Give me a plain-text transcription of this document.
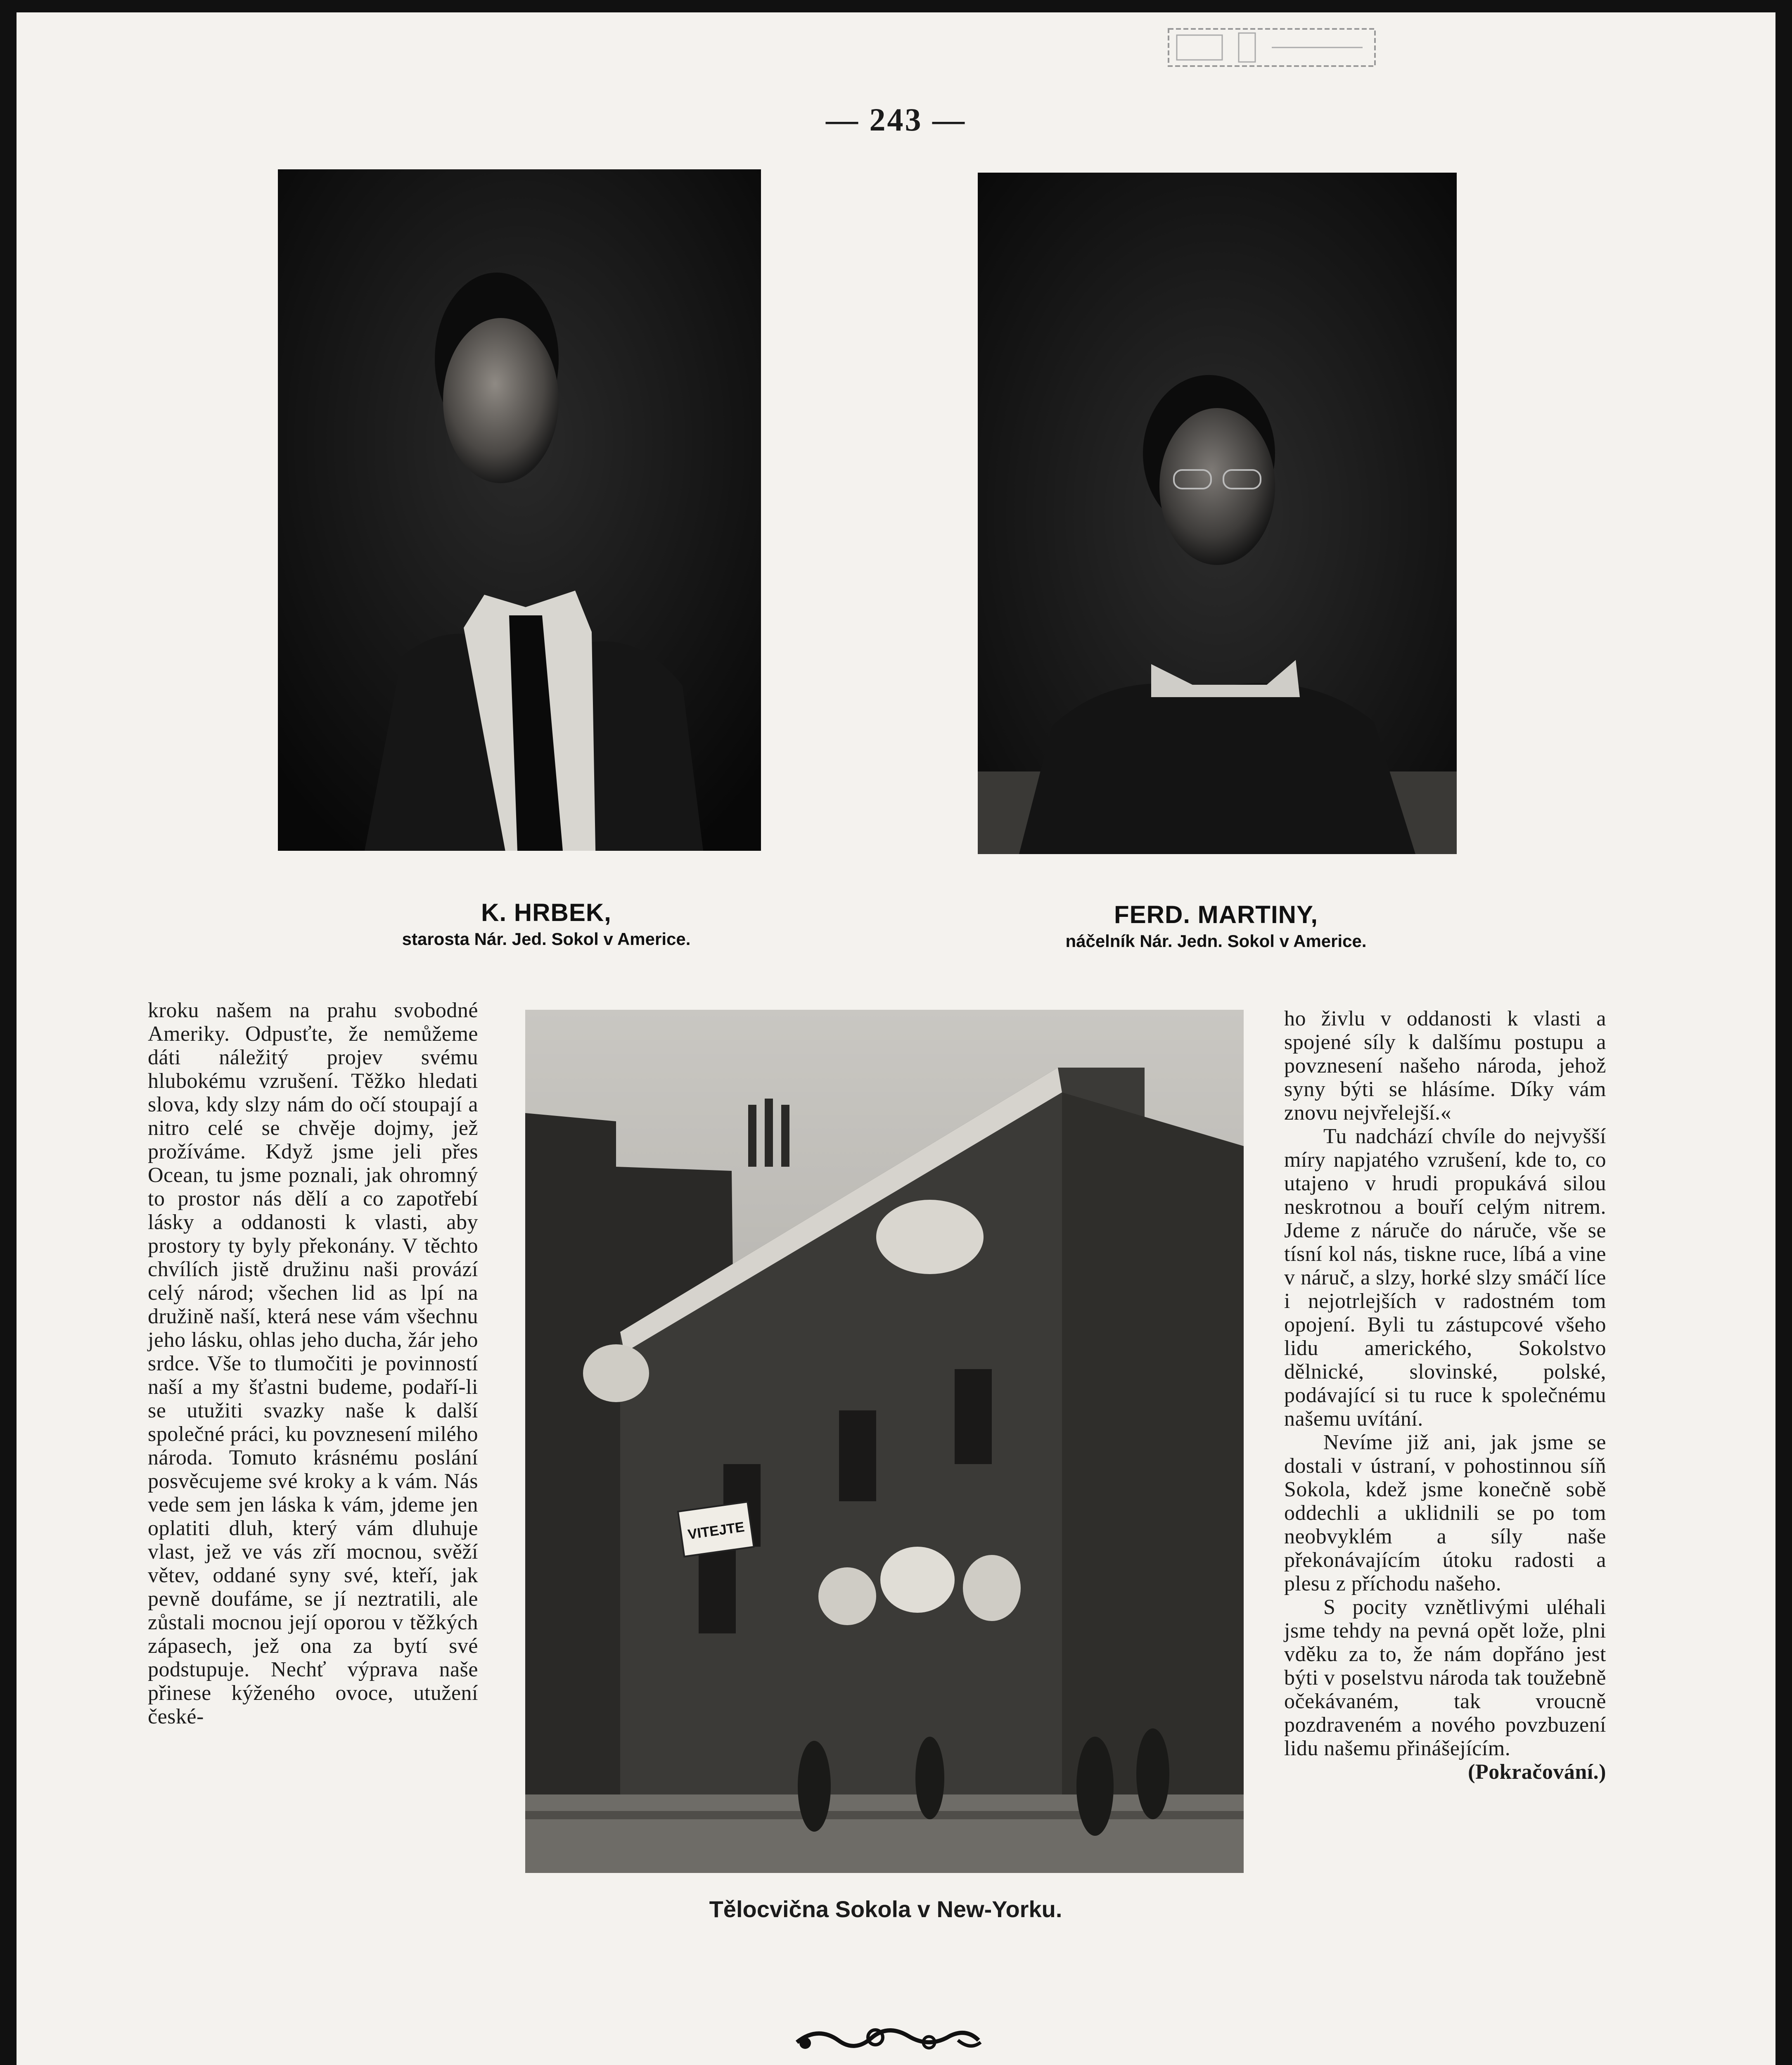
— 243 —
K. HRBEK,
starosta Nár. Jed. Sokol v Americe.
FERD. MARTINY,
náčelník Nár. Jedn. Sokol v Americe.

kroku našem na prahu svobodné Ameriky. Odpusťte, že nemůžeme dáti náležitý projev svému hlubokému vzrušení. Těžko hledati slova, kdy slzy nám do očí stoupají a nitro celé se chvěje dojmy, jež prožíváme. Když jsme jeli přes Ocean, tu jsme poznali, jak ohromný to prostor nás dělí a co zapotřebí lásky a oddanosti k vlasti, aby prostory ty byly překonány. V těchto chvílích jistě družinu naši provází celý národ; všechen lid as lpí na družině naší, která nese vám všechnu jeho lásku, ohlas jeho ducha, žár jeho srdce. Vše to tlumočiti je povinností naší a my šťastni budeme, podaří-li se utužiti svazky naše k další společné práci, ku povznesení milého národa. Tomuto krásnému poslání posvěcujeme své kroky a k vám. Nás vede sem jen láska k vám, jdeme jen oplatiti dluh, který vám dluhuje vlast, jež ve vás zří mocnou, svěží větev, oddané syny své, kteří, jak pevně doufáme, se jí neztratili, ale zůstali mocnou její oporou v těžkých zápasech, jež ona za bytí své podstupuje. Nechť výprava naše přinese kýženého ovoce, utužení české-

VITEJTE
Tělocvična Sokola v New-Yorku.

ho živlu v oddanosti k vlasti a spojené síly k dalšímu postupu a povznesení našeho národa, jehož syny býti se hlásíme. Díky vám znovu nejvřelejší.«

Tu nadchází chvíle do nejvyšší míry napjatého vzrušení, kde to, co utajeno v hrudi propukává silou neskrotnou a bouří celým nitrem. Jdeme z náruče do náruče, vše se tísní kol nás, tiskne ruce, líbá a vine v náruč, a slzy, horké slzy smáčí líce i nejotrlejších v radostném tom opojení. Byli tu zástupcové všeho lidu amerického, Sokolstvo dělnické, slovinské, polské, podávající si tu ruce k společnému našemu uvítání.

Nevíme již ani, jak jsme se dostali v ústraní, v pohostinnou síň Sokola, kdež jsme konečně sobě oddechli a uklidnili se po tom neobvyklém a síly naše překonávajícím útoku radosti a plesu z příchodu našeho.

S pocity vznětlivými uléhali jsme tehdy na pevná opět lože, plni vděku za to, že nám dopřáno jest býti v poselstvu národa tak toužebně očekávaném, tak vroucně pozdraveném a nového povzbuzení lidu našemu přinášejícím.

(Pokračování.)
